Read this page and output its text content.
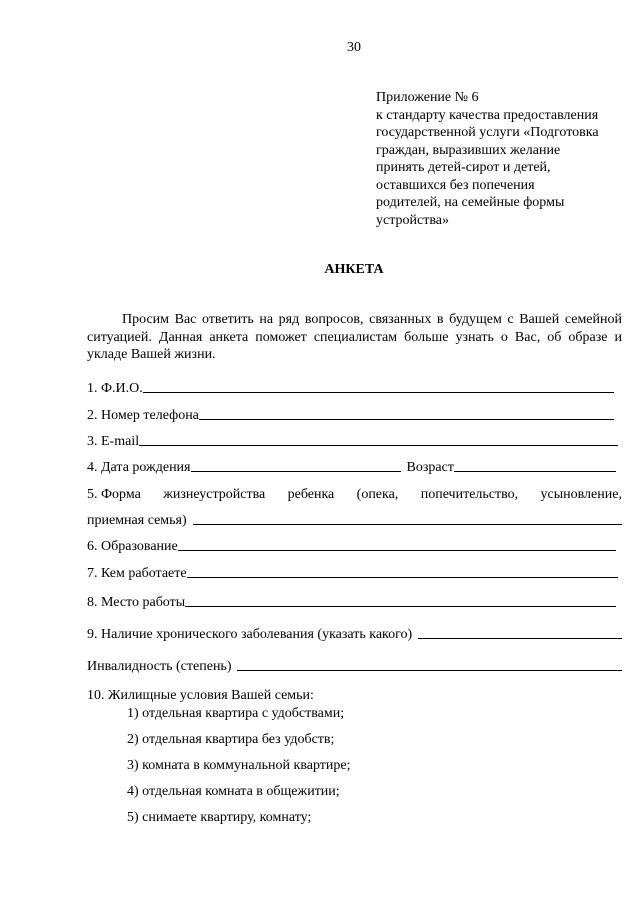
30
Приложение № 6
к стандарту качества предоставления
государственной услуги «Подготовка
граждан, выразивших желание
принять детей-сирот и детей,
оставшихся без попечения
родителей, на семейные формы
устройства»
АНКЕТА
Просим Вас ответить на ряд вопросов, связанных в будущем с Вашей семейной ситуацией. Данная анкета поможет специалистам больше узнать о Вас, об образе и укладе Вашей жизни.
1. Ф.И.О.
2. Номер телефона
3. E-mail
4. Дата рождения	Возраст
5. Форма жизнеустройства ребенка (опека, попечительство, усыновление,
приемная семья)
6. Образование
7. Кем работаете
8. Место работы
9. Наличие хронического заболевания (указать какого)
Инвалидность (степень)
10. Жилищные условия Вашей семьи:
1) отдельная квартира с удобствами;
2) отдельная квартира без удобств;
3) комната в коммунальной квартире;
4) отдельная комната в общежитии;
5) снимаете квартиру, комнату;
